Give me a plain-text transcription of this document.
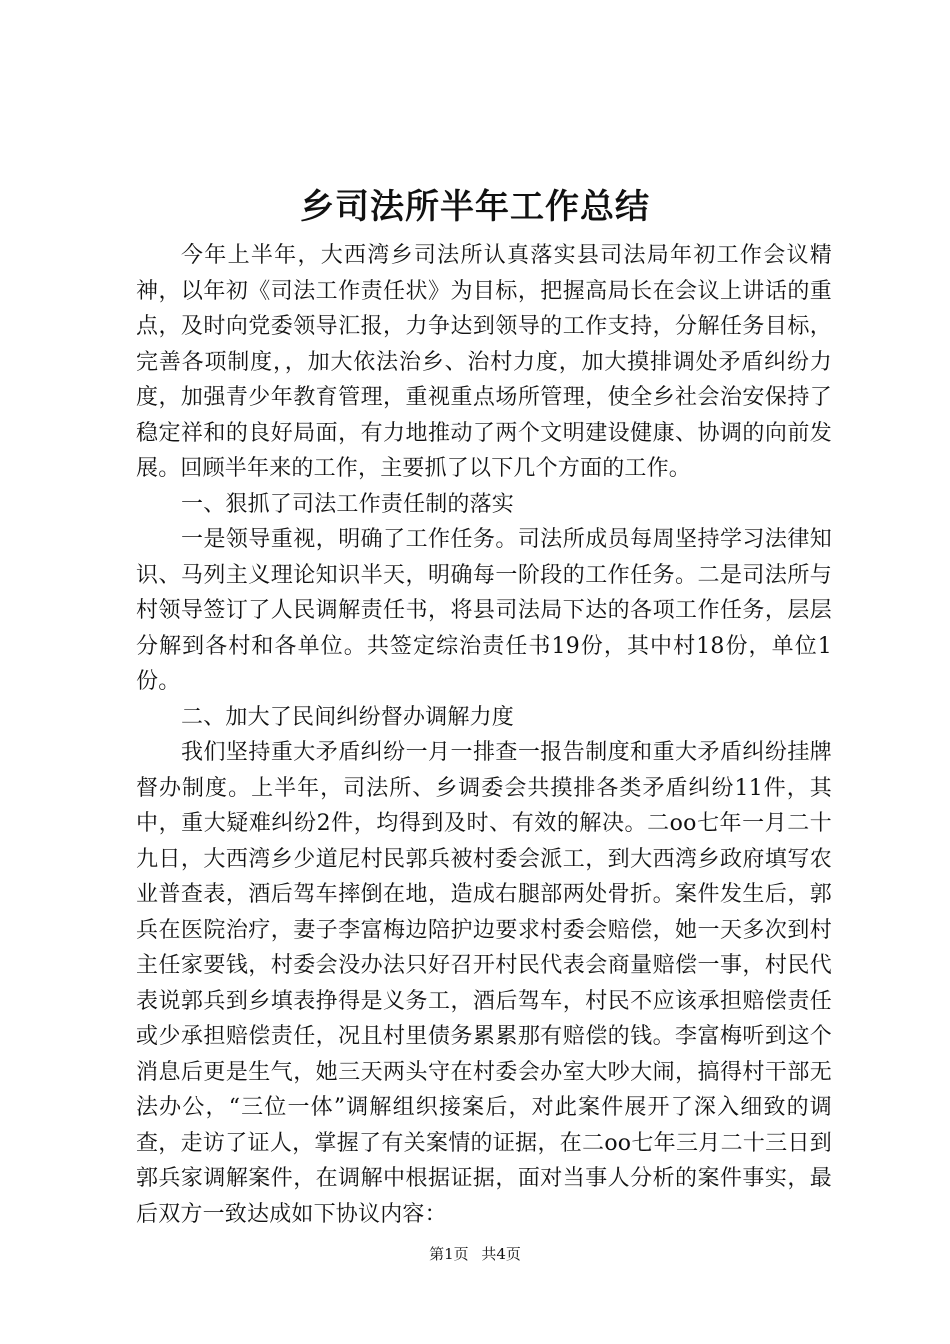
乡司法所半年工作总结

今年上半年，大西湾乡司法所认真落实县司法局年初工作会议精神，以年初《司法工作责任状》为目标，把握高局长在会议上讲话的重点，及时向党委领导汇报，力争达到领导的工作支持，分解任务目标，完善各项制度，，加大依法治乡、治村力度，加大摸排调处矛盾纠纷力度，加强青少年教育管理，重视重点场所管理，使全乡社会治安保持了稳定祥和的良好局面，有力地推动了两个文明建设健康、协调的向前发展。回顾半年来的工作，主要抓了以下几个方面的工作。

一、狠抓了司法工作责任制的落实

一是领导重视，明确了工作任务。司法所成员每周坚持学习法律知识、马列主义理论知识半天，明确每一阶段的工作任务。二是司法所与村领导签订了人民调解责任书，将县司法局下达的各项工作任务，层层分解到各村和各单位。共签定综治责任书19份，其中村18份，单位1份。

二、加大了民间纠纷督办调解力度

我们坚持重大矛盾纠纷一月一排查一报告制度和重大矛盾纠纷挂牌督办制度。上半年，司法所、乡调委会共摸排各类矛盾纠纷11件，其中，重大疑难纠纷2件，均得到及时、有效的解决。二oo七年一月二十九日，大西湾乡少道尼村民郭兵被村委会派工，到大西湾乡政府填写农业普查表，酒后驾车摔倒在地，造成右腿部两处骨折。案件发生后，郭兵在医院治疗，妻子李富梅边陪护边要求村委会赔偿，她一天多次到村主任家要钱，村委会没办法只好召开村民代表会商量赔偿一事，村民代表说郭兵到乡填表挣得是义务工，酒后驾车，村民不应该承担赔偿责任或少承担赔偿责任，况且村里债务累累那有赔偿的钱。李富梅听到这个消息后更是生气，她三天两头守在村委会办室大吵大闹，搞得村干部无法办公，“三位一体”调解组织接案后，对此案件展开了深入细致的调查，走访了证人，掌握了有关案情的证据，在二oo七年三月二十三日到郭兵家调解案件，在调解中根据证据，面对当事人分析的案件事实，最后双方一致达成如下协议内容：

第1页 共4页
